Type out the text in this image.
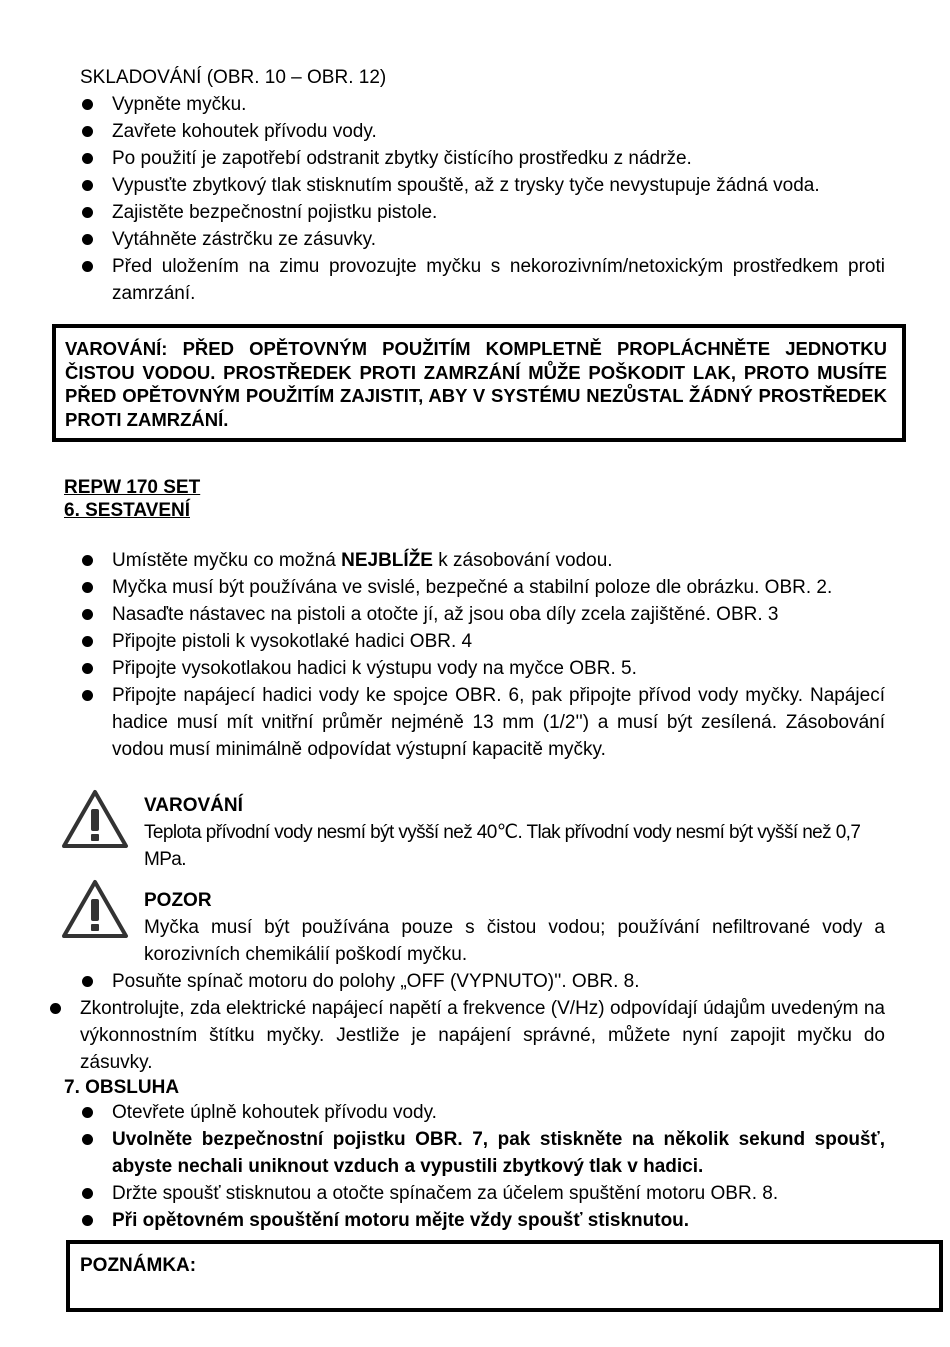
SKLADOVÁNÍ (OBR. 10 – OBR. 12)
Vypněte myčku.
Zavřete kohoutek přívodu vody.
Po použití je zapotřebí odstranit zbytky čistícího prostředku z nádrže.
Vypusťte zbytkový tlak stisknutím spouště, až z trysky tyče nevystupuje žádná voda.
Zajistěte bezpečnostní pojistku pistole.
Vytáhněte zástrčku ze zásuvky.
Před uložením na zimu provozujte myčku s nekorozivním/netoxickým prostředkem proti zamrzání.
VAROVÁNÍ: PŘED OPĚTOVNÝM POUŽITÍM KOMPLETNĚ PROPLÁCHNĚTE JEDNOTKU ČISTOU VODOU. PROSTŘEDEK PROTI ZAMRZÁNÍ MŮŽE POŠKODIT LAK, PROTO MUSÍTE PŘED OPĚTOVNÝM POUŽITÍM ZAJISTIT, ABY V SYSTÉMU NEZŮSTAL ŽÁDNÝ PROSTŘEDEK PROTI ZAMRZÁNÍ.
REPW 170 SET
6. SESTAVENÍ
Umístěte myčku co možná NEJBLÍŽE k zásobování vodou.
Myčka musí být používána ve svislé, bezpečné a stabilní poloze dle obrázku. OBR. 2.
Nasaďte nástavec na pistoli a otočte jí, až jsou oba díly zcela zajištěné. OBR. 3
Připojte pistoli k vysokotlaké hadici OBR. 4
Připojte vysokotlakou hadici k výstupu vody na myčce OBR. 5.
Připojte napájecí hadici vody ke spojce OBR. 6, pak připojte přívod vody myčky. Napájecí hadice musí mít vnitřní průměr nejméně 13 mm (1/2'') a musí být zesílená. Zásobování vodou musí minimálně odpovídat výstupní kapacitě myčky.
VAROVÁNÍ
Teplota přívodní vody nesmí být vyšší než 40℃. Tlak přívodní vody nesmí být vyšší než 0,7 MPa.
POZOR
Myčka musí být používána pouze s čistou vodou; používání nefiltrované vody a korozivních chemikálií poškodí myčku.
Posuňte spínač motoru do polohy „OFF (VYPNUTO)''. OBR. 8.
Zkontrolujte, zda elektrické napájecí napětí a frekvence (V/Hz) odpovídají údajům uvedeným na výkonnostním štítku myčky. Jestliže je napájení správné, můžete nyní zapojit myčku do zásuvky.
7. OBSLUHA
Otevřete úplně kohoutek přívodu vody.
Uvolněte bezpečnostní pojistku OBR. 7, pak stiskněte na několik sekund spoušť, abyste nechali uniknout vzduch a vypustili zbytkový tlak v hadici.
Držte spoušť stisknutou a otočte spínačem za účelem spuštění motoru OBR. 8.
Při opětovném spouštění motoru mějte vždy spoušť stisknutou.
POZNÁMKA:
